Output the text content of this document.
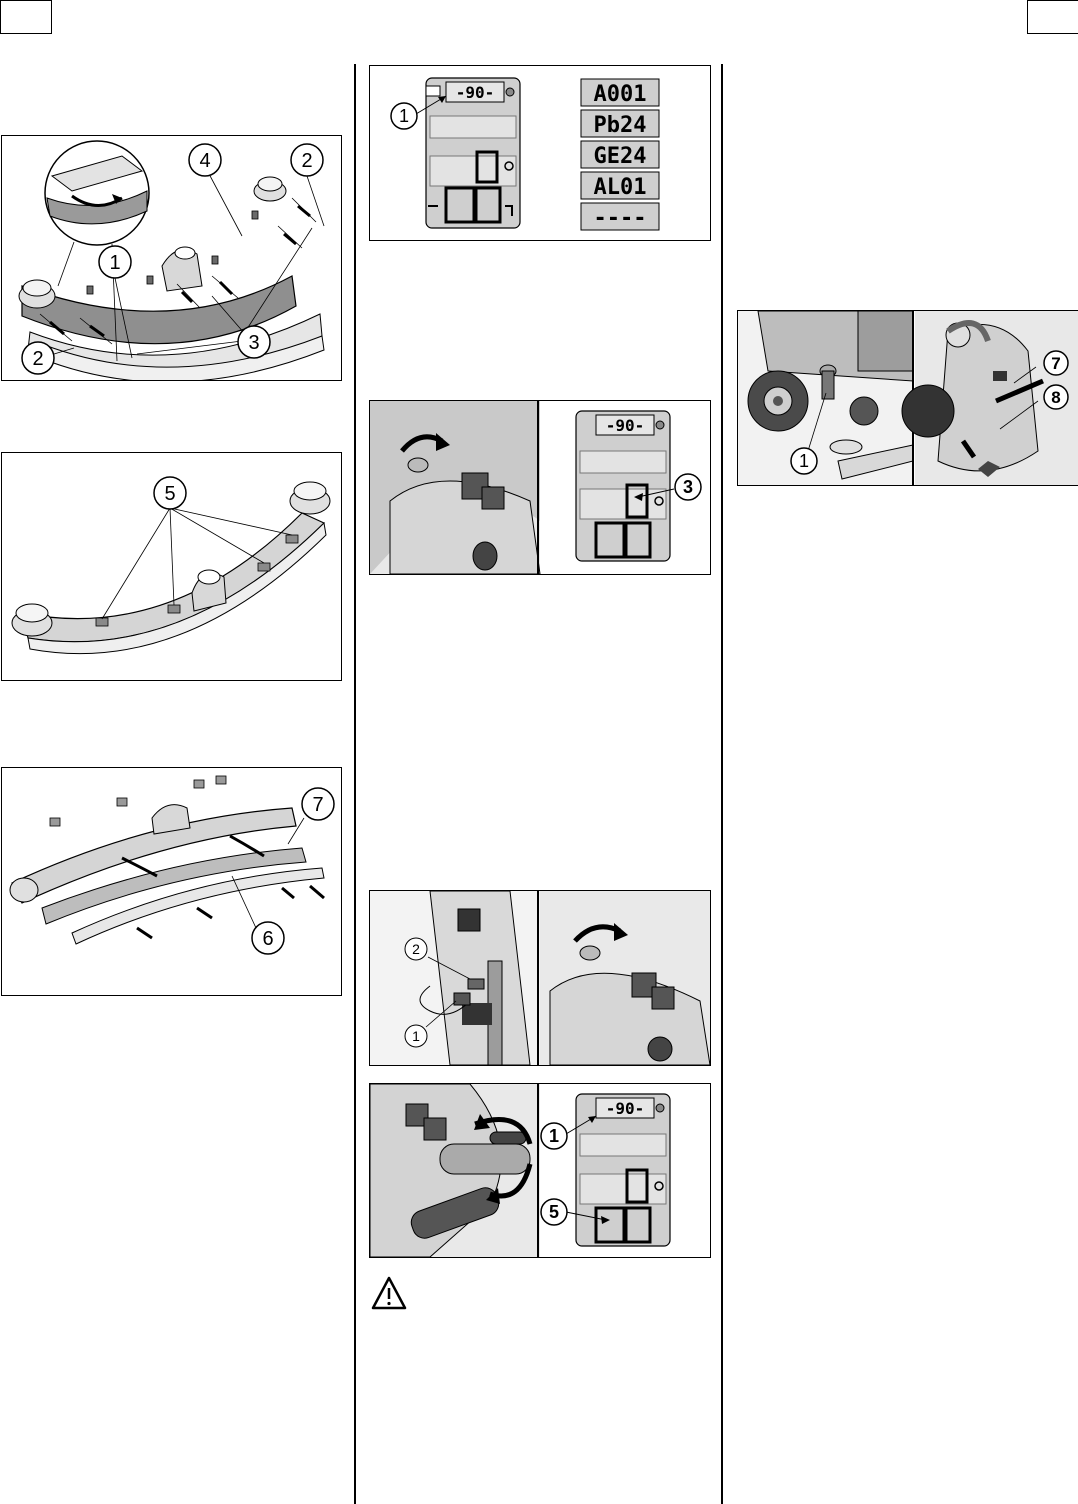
1
2
3
4	2
5
7
6
-90-
1
A001
Pb24
GE24
AL01
----
-90-
3
2
1
-90-
1
5
1
7
8
